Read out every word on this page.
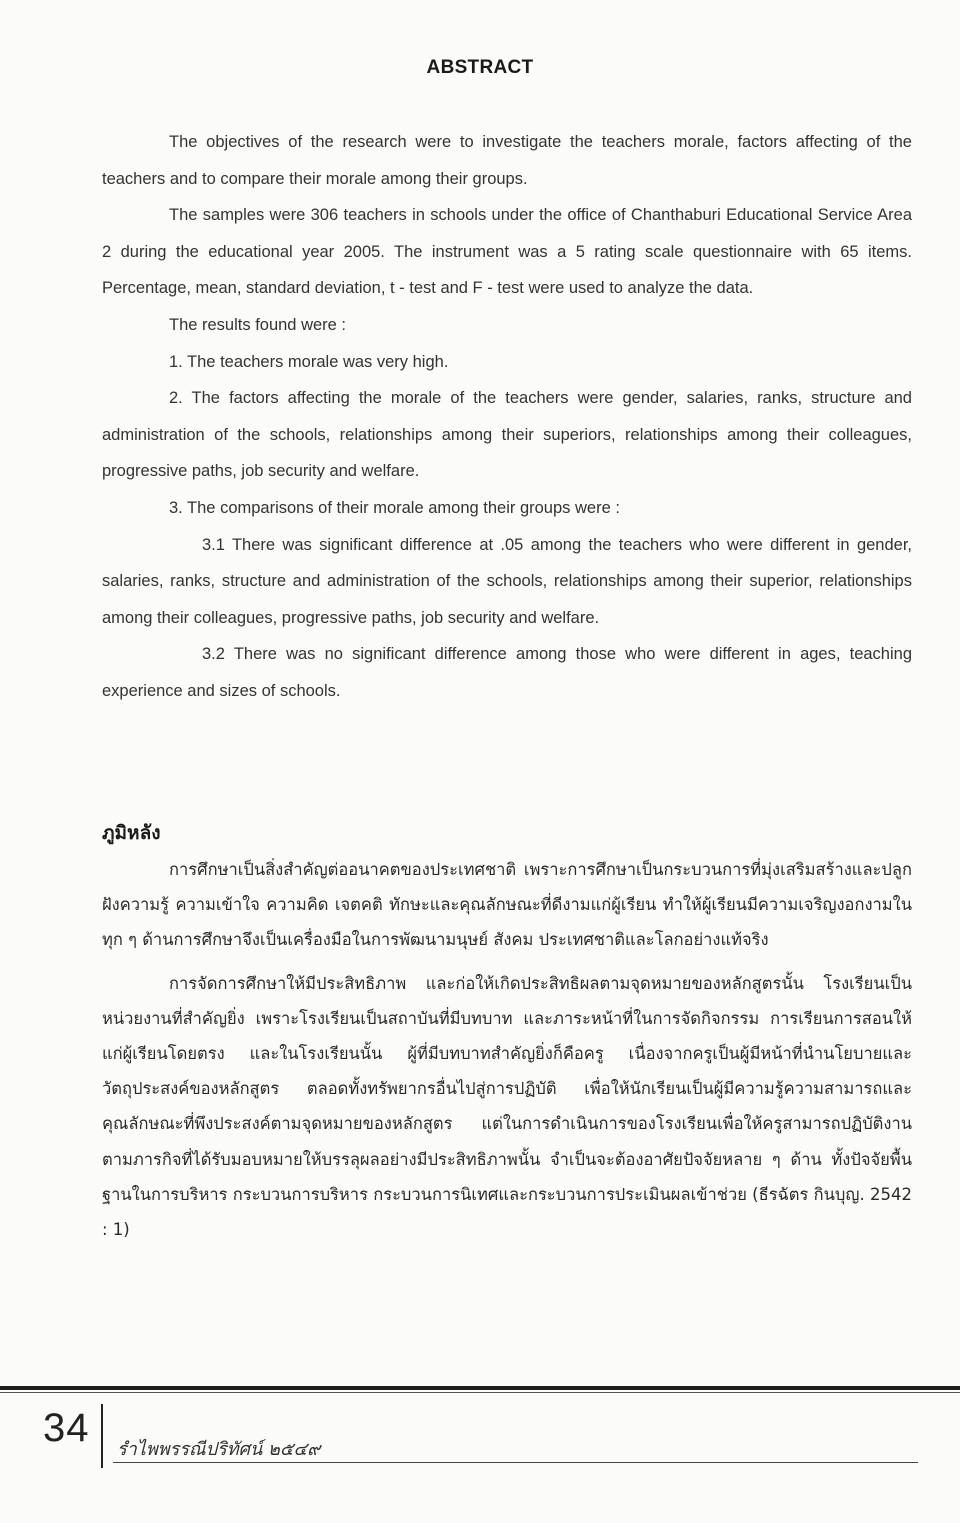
ABSTRACT

The objectives of the research were to investigate the teachers morale, factors affecting of the teachers and to compare their morale among their groups.

The samples were 306 teachers in schools under the office of Chanthaburi Educational Service Area 2 during the educational year 2005. The instrument was a 5 rating scale questionnaire with 65 items. Percentage, mean, standard deviation, t - test and F - test were used to analyze the data.

The results found were :

1. The teachers morale was very high.

2. The factors affecting the morale of the teachers were gender, salaries, ranks, structure and administration of the schools, relationships among their superiors, relationships among their colleagues, progressive paths, job security and welfare.

3. The comparisons of their morale among their groups were :

3.1 There was significant difference at .05 among the teachers who were different in gender, salaries, ranks, structure and administration of the schools, relationships among their superior, relationships among their colleagues, progressive paths, job security and welfare.

3.2 There was no significant difference among those who were different in ages, teaching experience and sizes of schools.

ภูมิหลัง

การศึกษาเป็นสิ่งสำคัญต่ออนาคตของประเทศชาติ เพราะการศึกษาเป็นกระบวนการที่มุ่งเสริมสร้างและปลูกฝังความรู้ ความเข้าใจ ความคิด เจตคติ ทักษะและคุณลักษณะที่ดีงามแก่ผู้เรียน ทำให้ผู้เรียนมีความเจริญงอกงามในทุก ๆ ด้านการศึกษาจึงเป็นเครื่องมือในการพัฒนามนุษย์ สังคม ประเทศชาติและโลกอย่างแท้จริง

การจัดการศึกษาให้มีประสิทธิภาพ และก่อให้เกิดประสิทธิผลตามจุดหมายของหลักสูตรนั้น โรงเรียนเป็นหน่วยงานที่สำคัญยิ่ง เพราะโรงเรียนเป็นสถาบันที่มีบทบาท และภาระหน้าที่ในการจัดกิจกรรม การเรียนการสอนให้แก่ผู้เรียนโดยตรง และในโรงเรียนนั้น ผู้ที่มีบทบาทสำคัญยิ่งก็คือครู เนื่องจากครูเป็นผู้มีหน้าที่นำนโยบายและวัตถุประสงค์ของหลักสูตร ตลอดทั้งทรัพยากรอื่นไปสู่การปฏิบัติ เพื่อให้นักเรียนเป็นผู้มีความรู้ความสามารถและคุณลักษณะที่พึงประสงค์ตามจุดหมายของหลักสูตร แต่ในการดำเนินการของโรงเรียนเพื่อให้ครูสามารถปฏิบัติงานตามภารกิจที่ได้รับมอบหมายให้บรรลุผลอย่างมีประสิทธิภาพนั้น จำเป็นจะต้องอาศัยปัจจัยหลาย ๆ ด้าน ทั้งปัจจัยพื้นฐานในการบริหาร กระบวนการบริหาร กระบวนการนิเทศและกระบวนการประเมินผลเข้าช่วย (ธีรฉัตร กินบุญ. 2542 : 1)

34 รำไพพรรณีปริทัศน์ ๒๕๔๙
